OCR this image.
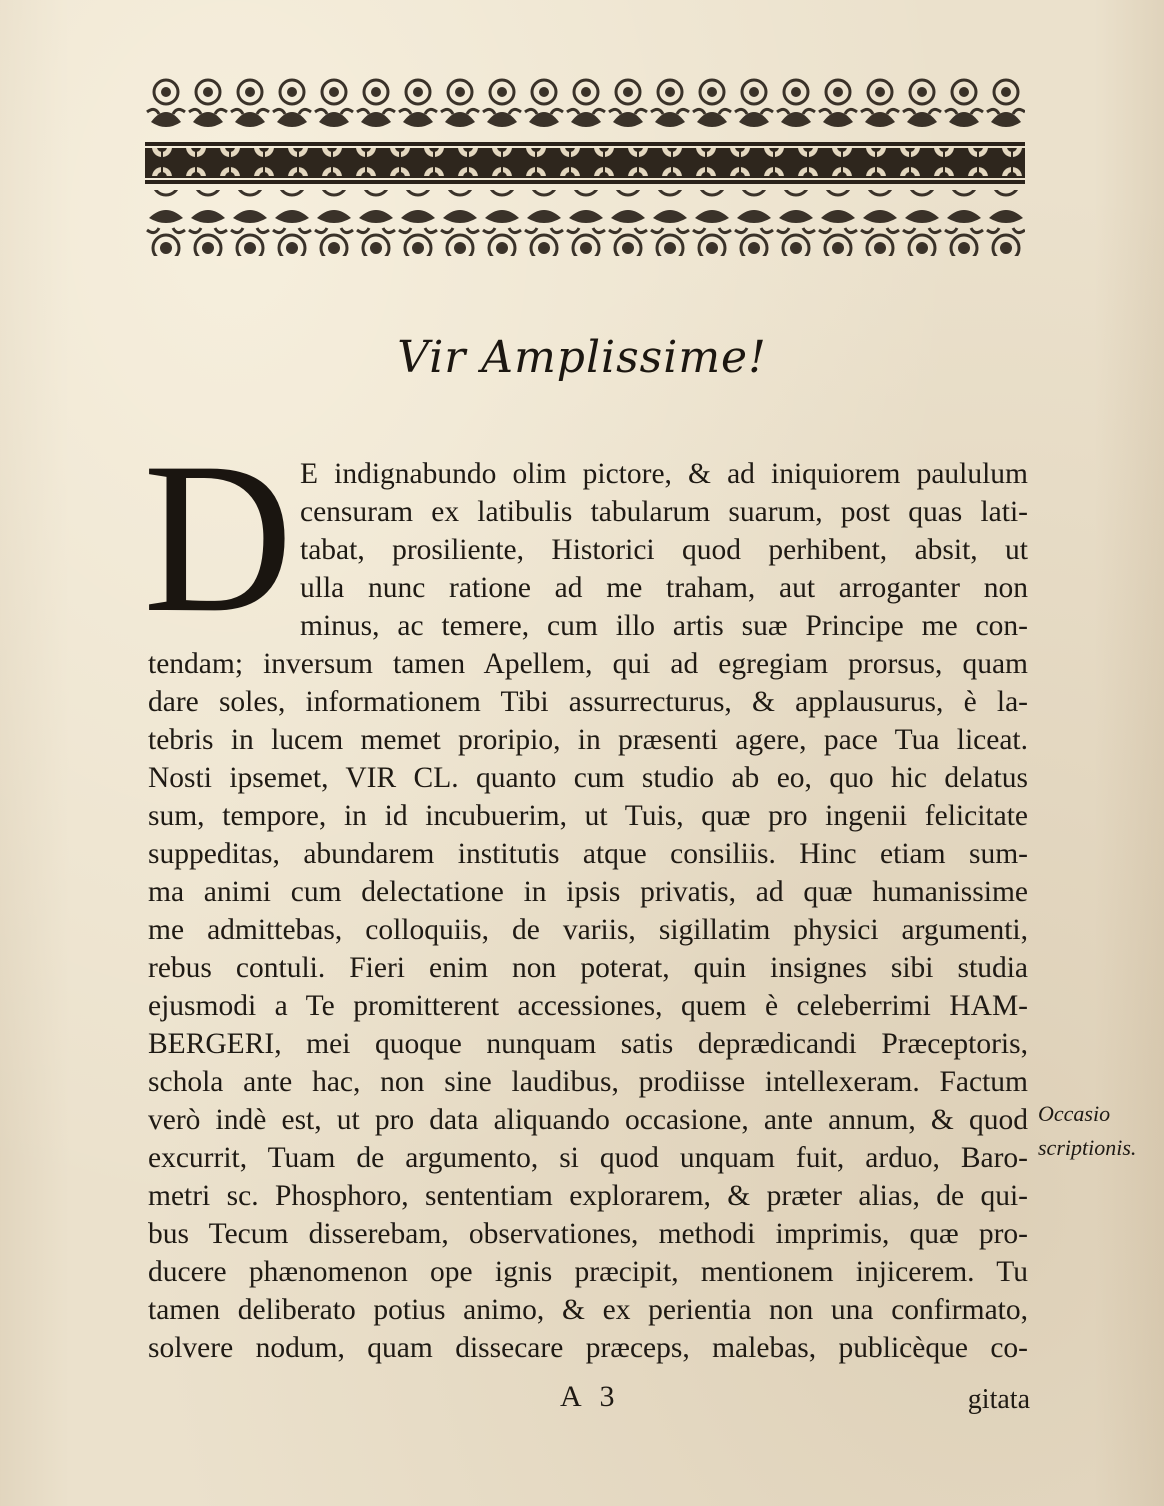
Vir Amplissime!
D E indignabundo olim pictore, & ad iniquiorem paululum
censuram ex latibulis tabularum suarum, post quas lati-
tabat, prosiliente, Historici quod perhibent, absit, ut
ulla nunc ratione ad me traham, aut arroganter non
minus, ac temere, cum illo artis suæ Principe me con-
tendam; inversum tamen Apellem, qui ad egregiam prorsus, quam
dare soles, informationem Tibi assurrecturus, & applausurus, è la-
tebris in lucem memet proripio, in præsenti agere, pace Tua liceat.
Nosti ipsemet, VIR CL. quanto cum studio ab eo, quo hic delatus
sum, tempore, in id incubuerim, ut Tuis, quæ pro ingenii felicitate
suppeditas, abundarem institutis atque consiliis. Hinc etiam sum-
ma animi cum delectatione in ipsis privatis, ad quæ humanissime
me admittebas, colloquiis, de variis, sigillatim physici argumenti,
rebus contuli. Fieri enim non poterat, quin insignes sibi studia
ejusmodi a Te promitterent accessiones, quem è celeberrimi HAM-
BERGERI, mei quoque nunquam satis deprædicandi Præceptoris,
schola ante hac, non sine laudibus, prodiisse intellexeram. Factum
verò indè est, ut pro data aliquando occasione, ante annum, & quod
excurrit, Tuam de argumento, si quod unquam fuit, arduo, Baro-
metri sc. Phosphoro, sententiam explorarem, & præter alias, de qui-
bus Tecum disserebam, observationes, methodi imprimis, quæ pro-
ducere phænomenon ope ignis præcipit, mentionem injicerem. Tu
tamen deliberato potius animo, & ex perientia non una confirmato,
solvere nodum, quam dissecare præceps, malebas, publicèque co-
Occasio
scriptionis.
A 3	gitata
